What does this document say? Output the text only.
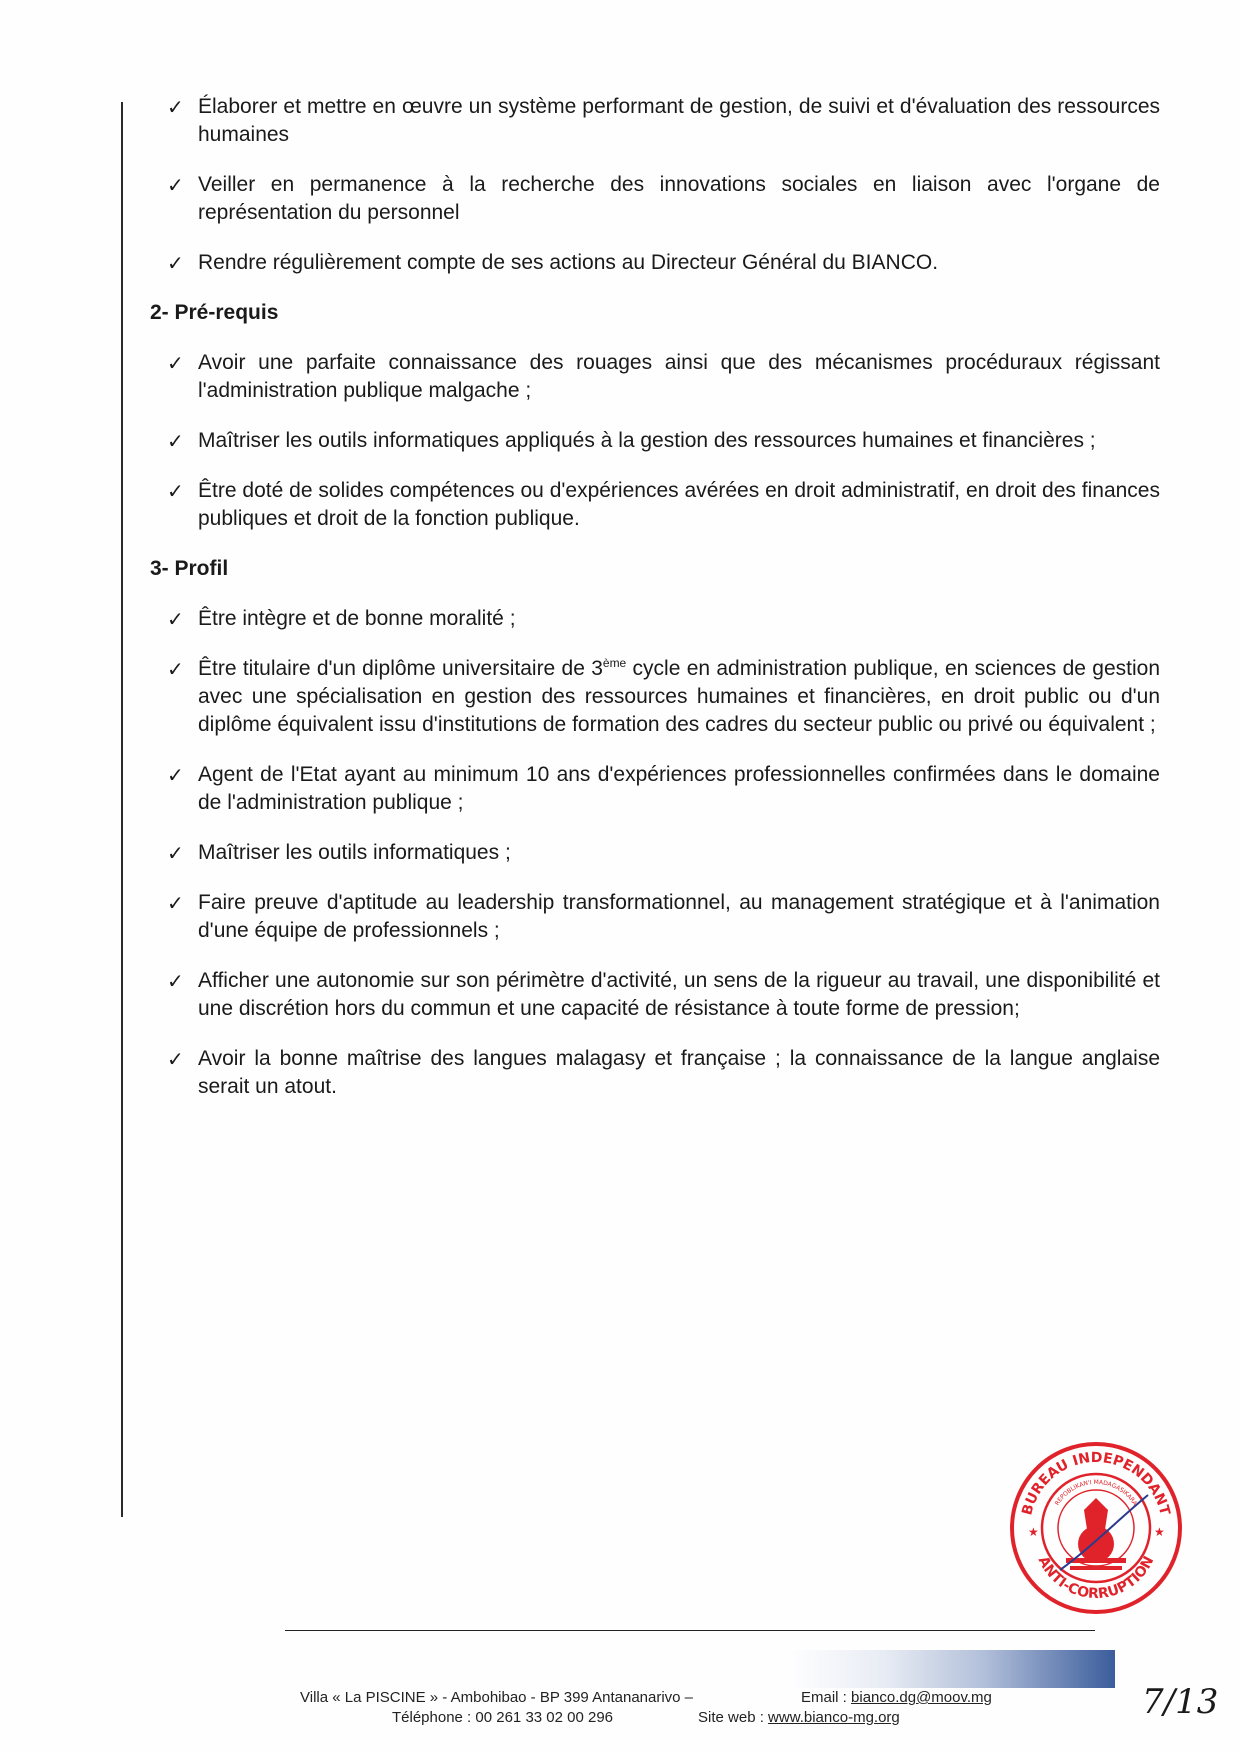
✓ Élaborer et mettre en œuvre un système performant de gestion, de suivi et d'évaluation des ressources humaines
✓ Veiller en permanence à la recherche des innovations sociales en liaison avec l'organe de représentation du personnel
✓ Rendre régulièrement compte de ses actions au Directeur Général du BIANCO.
2- Pré-requis
✓ Avoir une parfaite connaissance des rouages ainsi que des mécanismes procéduraux régissant l'administration publique malgache ;
✓ Maîtriser les outils informatiques appliqués à la gestion des ressources humaines et financières ;
✓ Être doté de solides compétences ou d'expériences avérées en droit administratif, en droit des finances publiques et droit de la fonction publique.
3- Profil
✓ Être intègre et de bonne moralité ;
✓ Être titulaire d'un diplôme universitaire de 3ème cycle en administration publique, en sciences de gestion avec une spécialisation en gestion des ressources humaines et financières, en droit public ou d'un diplôme équivalent issu d'institutions de formation des cadres du secteur public ou privé ou équivalent ;
✓ Agent de l'Etat ayant au minimum 10 ans d'expériences professionnelles confirmées dans le domaine de l'administration publique ;
✓ Maîtriser les outils informatiques ;
✓ Faire preuve d'aptitude au leadership transformationnel, au management stratégique et à l'animation d'une équipe de professionnels ;
✓ Afficher une autonomie sur son périmètre d'activité, un sens de la rigueur au travail, une disponibilité et une discrétion hors du commun et une capacité de résistance à toute forme de pression;
✓ Avoir la bonne maîtrise des langues malagasy et française ; la connaissance de la langue anglaise serait un atout.
BUREAU INDEPENDANT
ANTI-CORRUPTION
REPOBLIKAN'I MADAGASIKARA
★	★
Villa « La PISCINE » - Ambohibao - BP 399 Antananarivo –	Email : bianco.dg@moov.mg
Téléphone : 00 261 33 02 00 296	Site web : www.bianco-mg.org	7/13
